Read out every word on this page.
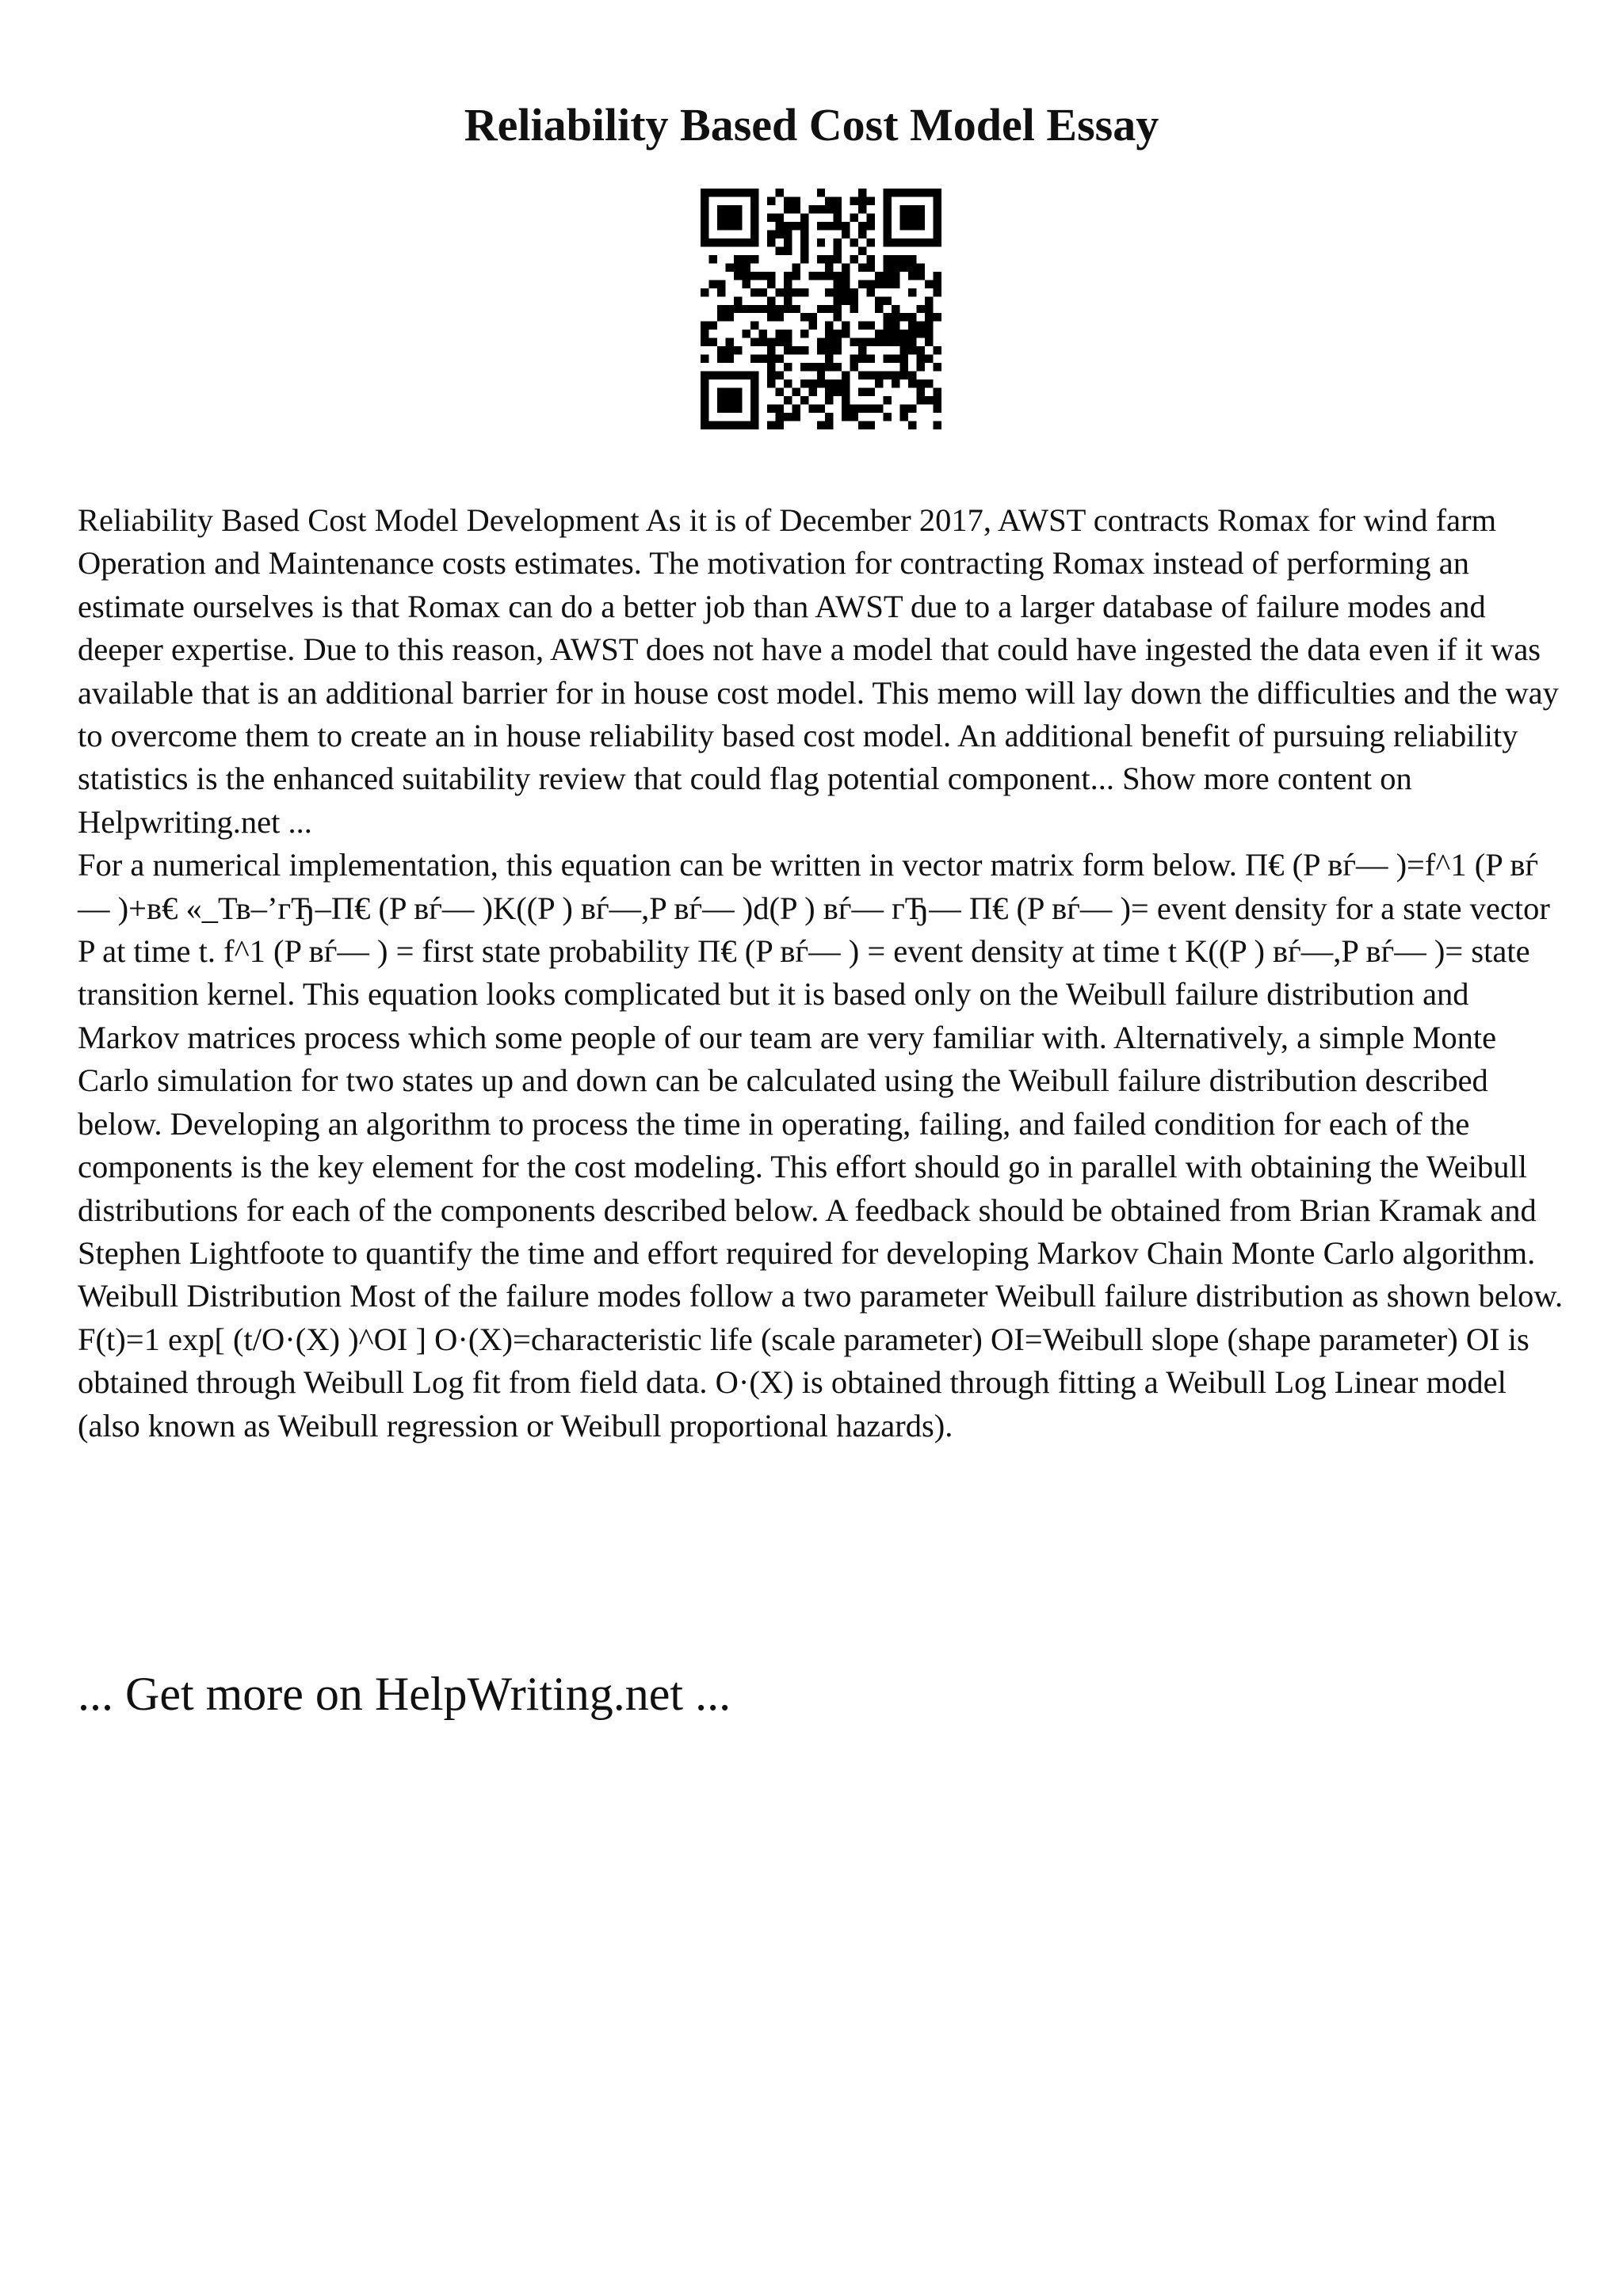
Reliability Based Cost Model Essay

Reliability Based Cost Model Development As it is of December 2017, AWST contracts Romax for wind farm Operation and Maintenance costs estimates. The motivation for contracting Romax instead of performing an estimate ourselves is that Romax can do a better job than AWST due to a larger database of failure modes and deeper expertise. Due to this reason, AWST does not have a model that could have ingested the data even if it was available that is an additional barrier for in house cost model. This memo will lay down the difficulties and the way to overcome them to create an in house reliability based cost model. An additional benefit of pursuing reliability statistics is the enhanced suitability review that could flag potential component... Show more content on Helpwriting.net ...

For a numerical implementation, this equation can be written in vector matrix form below. П€ (P вѓ— )=f^1 (P вѓ— )+в€ «_Тв–’гЂ–П€ (P вѓ— )K((P ) вѓ—,P вѓ— )d(P ) вѓ— гЂ— П€ (P вѓ— )= event density for a state vector P at time t. f^1 (P вѓ— ) = first state probability П€ (P вѓ— ) = event density at time t K((P ) вѓ—,P вѓ— )= state transition kernel. This equation looks complicated but it is based only on the Weibull failure distribution and Markov matrices process which some people of our team are very familiar with. Alternatively, a simple Monte Carlo simulation for two states up and down can be calculated using the Weibull failure distribution described below. Developing an algorithm to process the time in operating, failing, and failed condition for each of the components is the key element for the cost modeling. This effort should go in parallel with obtaining the Weibull distributions for each of the components described below. A feedback should be obtained from Brian Kramak and Stephen Lightfoote to quantify the time and effort required for developing Markov Chain Monte Carlo algorithm. Weibull Distribution Most of the failure modes follow a two parameter Weibull failure distribution as shown below. F(t)=1 exp[ (t/О·(X) )^ОІ ] О·(X)=characteristic life (scale parameter) ОІ=Weibull slope (shape parameter) ОІ is obtained through Weibull Log fit from field data. О·(X) is obtained through fitting a Weibull Log Linear model (also known as Weibull regression or Weibull proportional hazards).

... Get more on HelpWriting.net ...
